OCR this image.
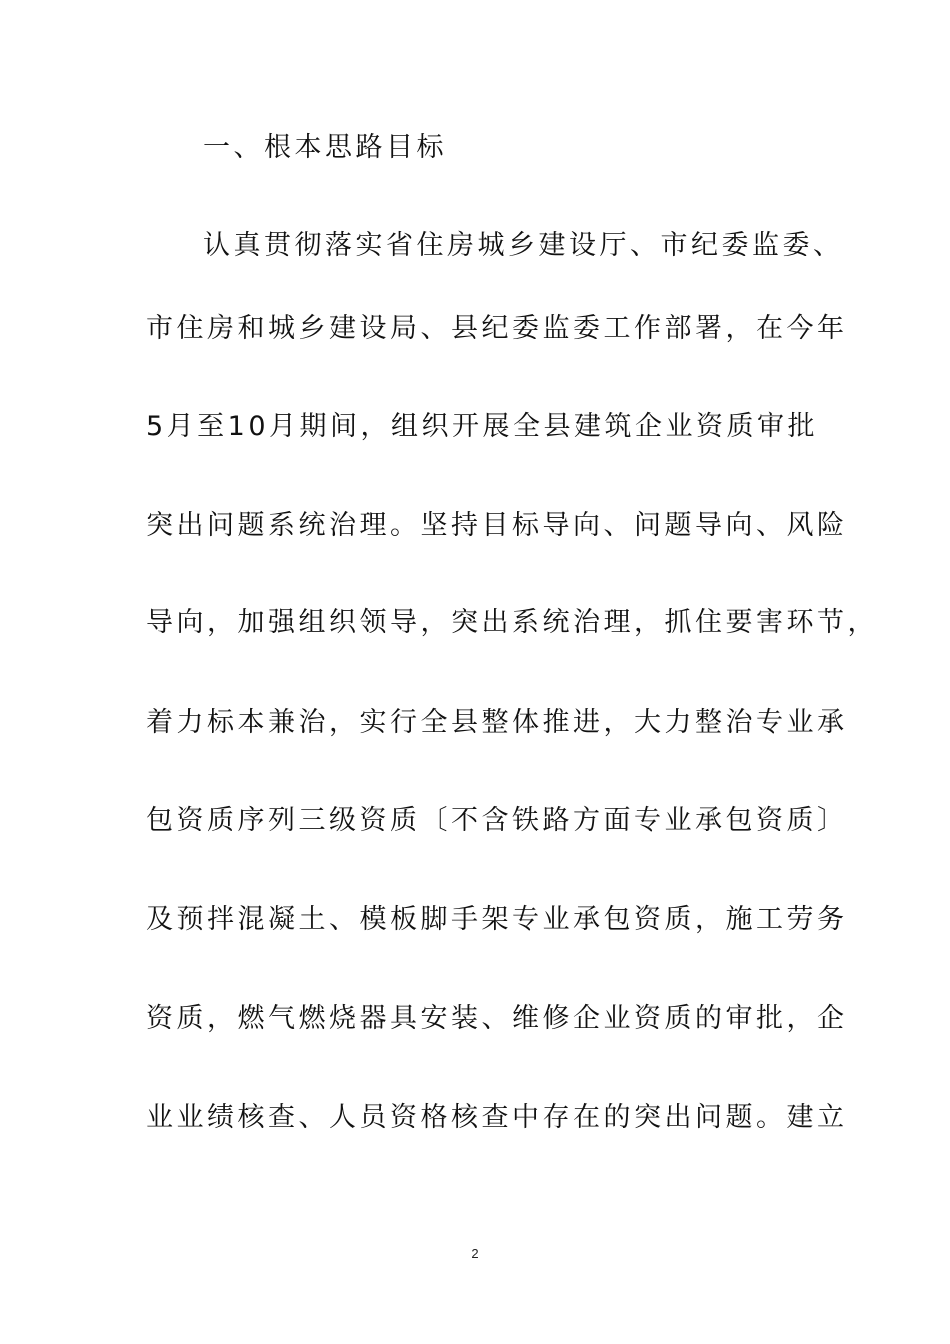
一、根本思路目标
认真贯彻落实省住房城乡建设厅、市纪委监委、
市住房和城乡建设局、县纪委监委工作部署，在今年
5月至10月期间，组织开展全县建筑企业资质审批
突出问题系统治理。坚持目标导向、问题导向、风险
导向，加强组织领导，突出系统治理，抓住要害环节，
着力标本兼治，实行全县整体推进，大力整治专业承
包资质序列三级资质〔不含铁路方面专业承包资质〕
及预拌混凝土、模板脚手架专业承包资质，施工劳务
资质，燃气燃烧器具安装、维修企业资质的审批，企
业业绩核查、人员资格核查中存在的突出问题。建立
2
